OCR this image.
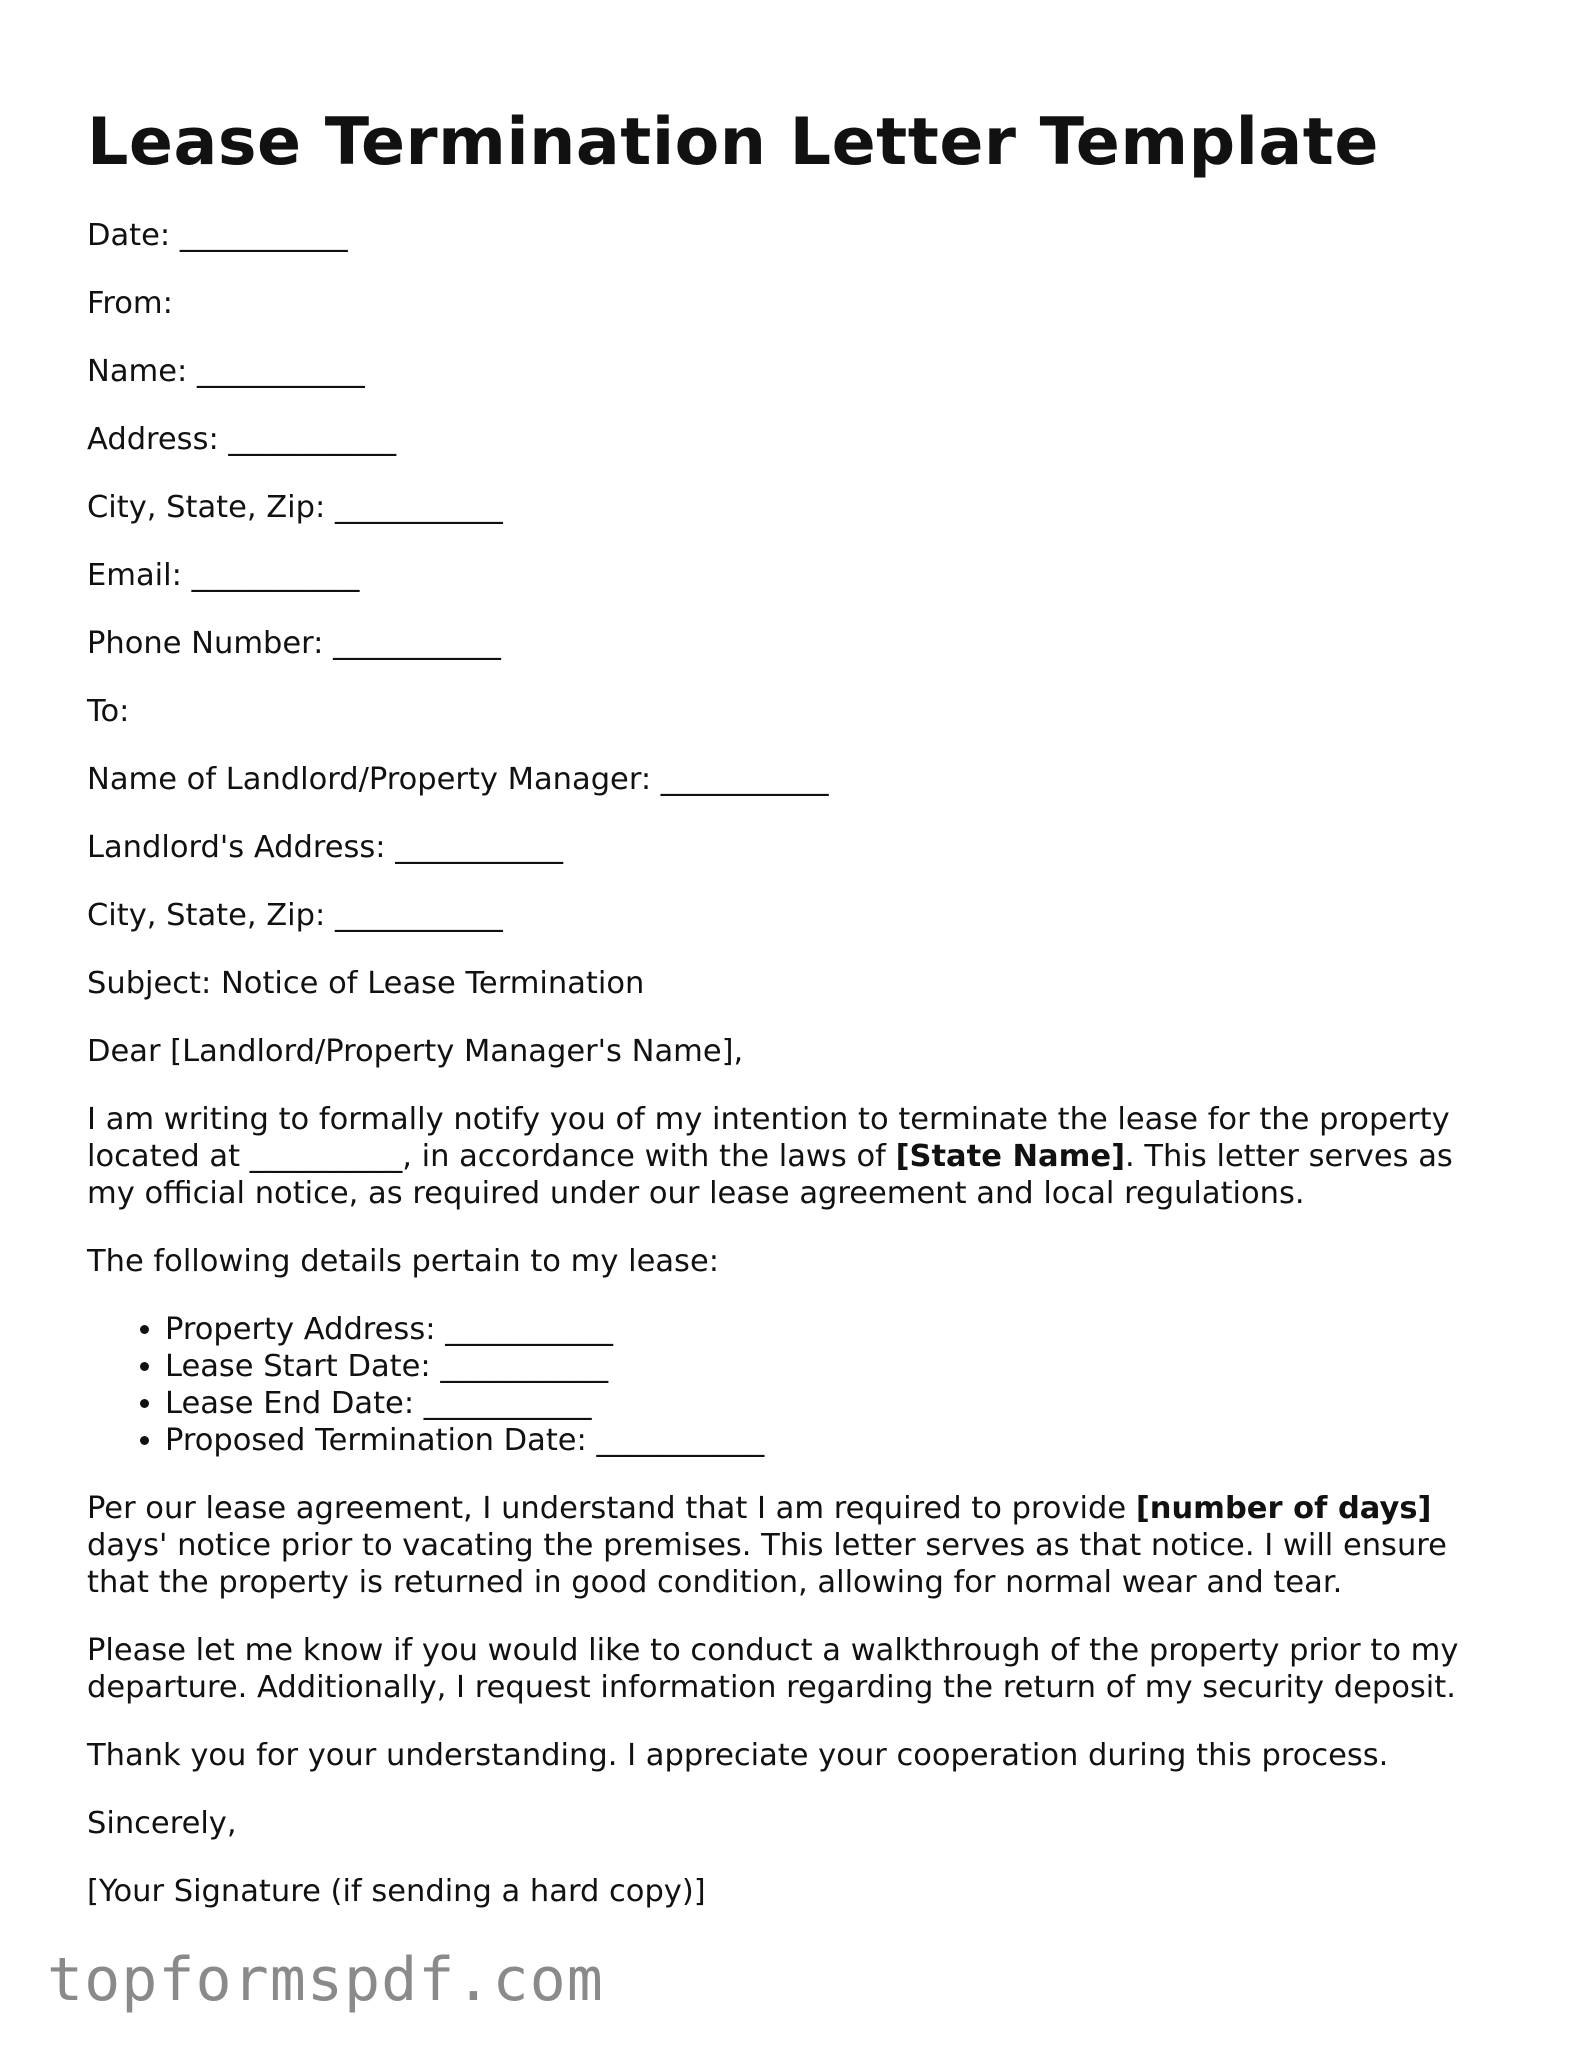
Lease Termination Letter Template

Date: ___________

From:

Name: ___________

Address: ___________

City, State, Zip: ___________

Email: ___________

Phone Number: ___________

To:

Name of Landlord/Property Manager: ___________

Landlord's Address: ___________

City, State, Zip: ___________

Subject: Notice of Lease Termination

Dear [Landlord/Property Manager's Name],

I am writing to formally notify you of my intention to terminate the lease for the property located at __________, in accordance with the laws of [State Name]. This letter serves as my official notice, as required under our lease agreement and local regulations.

The following details pertain to my lease:

• Property Address: ___________
• Lease Start Date: ___________
• Lease End Date: ___________
• Proposed Termination Date: ___________

Per our lease agreement, I understand that I am required to provide [number of days] days' notice prior to vacating the premises. This letter serves as that notice. I will ensure that the property is returned in good condition, allowing for normal wear and tear.

Please let me know if you would like to conduct a walkthrough of the property prior to my departure. Additionally, I request information regarding the return of my security deposit.

Thank you for your understanding. I appreciate your cooperation during this process.

Sincerely,

[Your Signature (if sending a hard copy)]

topformspdf.com
